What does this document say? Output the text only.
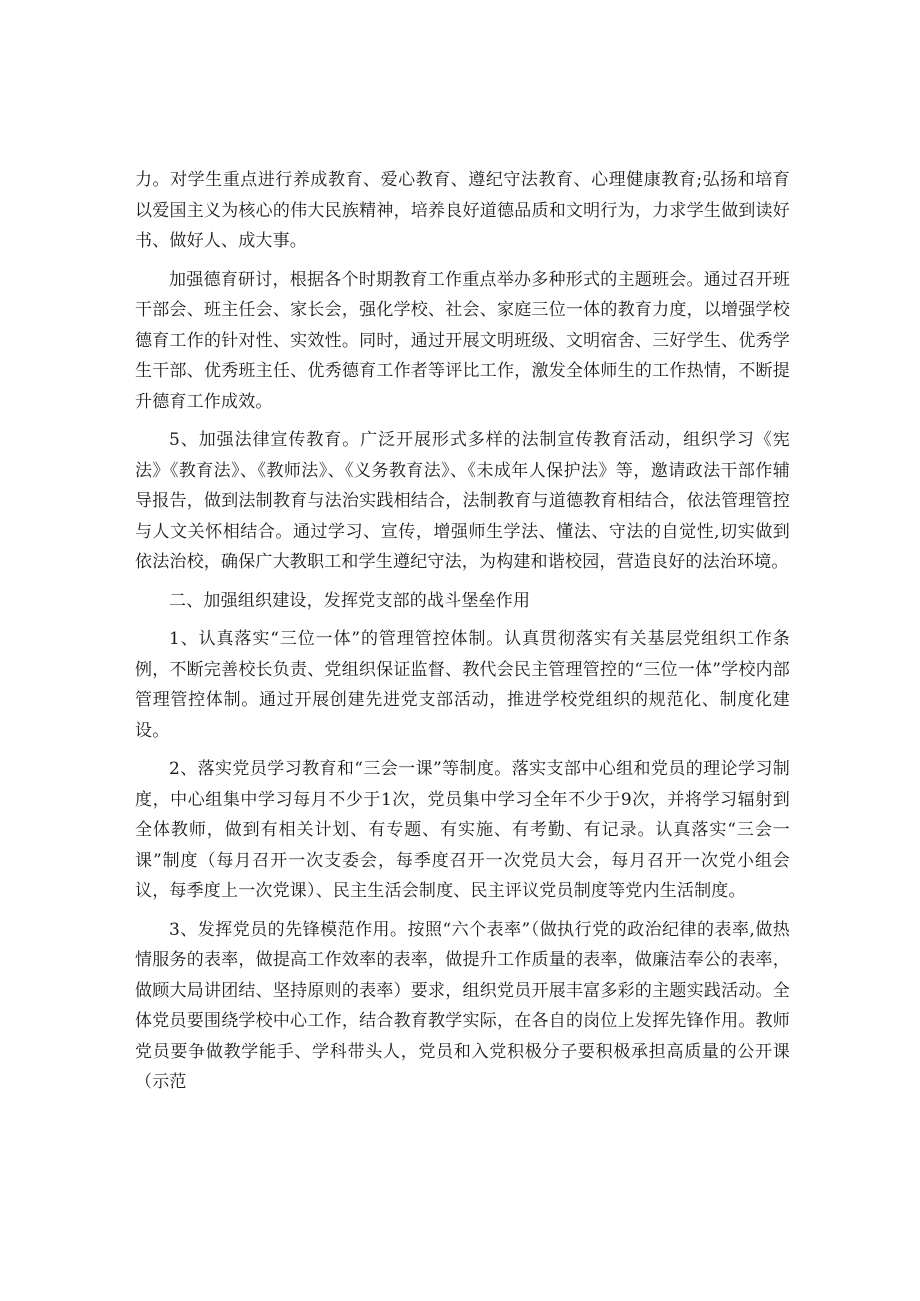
力。对学生重点进行养成教育、爱心教育、遵纪守法教育、心理健康教育;弘扬和培育以爱国主义为核心的伟大民族精神，培养良好道德品质和文明行为，力求学生做到读好书、做好人、成大事。

加强德育研讨，根据各个时期教育工作重点举办多种形式的主题班会。通过召开班干部会、班主任会、家长会，强化学校、社会、家庭三位一体的教育力度，以增强学校德育工作的针对性、实效性。同时，通过开展文明班级、文明宿舍、三好学生、优秀学生干部、优秀班主任、优秀德育工作者等评比工作，激发全体师生的工作热情，不断提升德育工作成效。

5、加强法律宣传教育。广泛开展形式多样的法制宣传教育活动，组织学习《宪法》《教育法》、《教师法》、《义务教育法》、《未成年人保护法》等，邀请政法干部作辅导报告，做到法制教育与法治实践相结合，法制教育与道德教育相结合，依法管理管控与人文关怀相结合。通过学习、宣传，增强师生学法、懂法、守法的自觉性,切实做到依法治校，确保广大教职工和学生遵纪守法，为构建和谐校园，营造良好的法治环境。

二、加强组织建设，发挥党支部的战斗堡垒作用

1、认真落实“三位一体”的管理管控体制。认真贯彻落实有关基层党组织工作条例，不断完善校长负责、党组织保证监督、教代会民主管理管控的“三位一体”学校内部管理管控体制。通过开展创建先进党支部活动，推进学校党组织的规范化、制度化建设。

2、落实党员学习教育和“三会一课”等制度。落实支部中心组和党员的理论学习制度，中心组集中学习每月不少于1次，党员集中学习全年不少于9次，并将学习辐射到全体教师，做到有相关计划、有专题、有实施、有考勤、有记录。认真落实“三会一课”制度（每月召开一次支委会，每季度召开一次党员大会，每月召开一次党小组会议，每季度上一次党课）、民主生活会制度、民主评议党员制度等党内生活制度。

3、发挥党员的先锋模范作用。按照“六个表率”（做执行党的政治纪律的表率,做热情服务的表率，做提高工作效率的表率，做提升工作质量的表率，做廉洁奉公的表率，做顾大局讲团结、坚持原则的表率）要求，组织党员开展丰富多彩的主题实践活动。全体党员要围绕学校中心工作，结合教育教学实际，在各自的岗位上发挥先锋作用。教师党员要争做教学能手、学科带头人，党员和入党积极分子要积极承担高质量的公开课（示范
